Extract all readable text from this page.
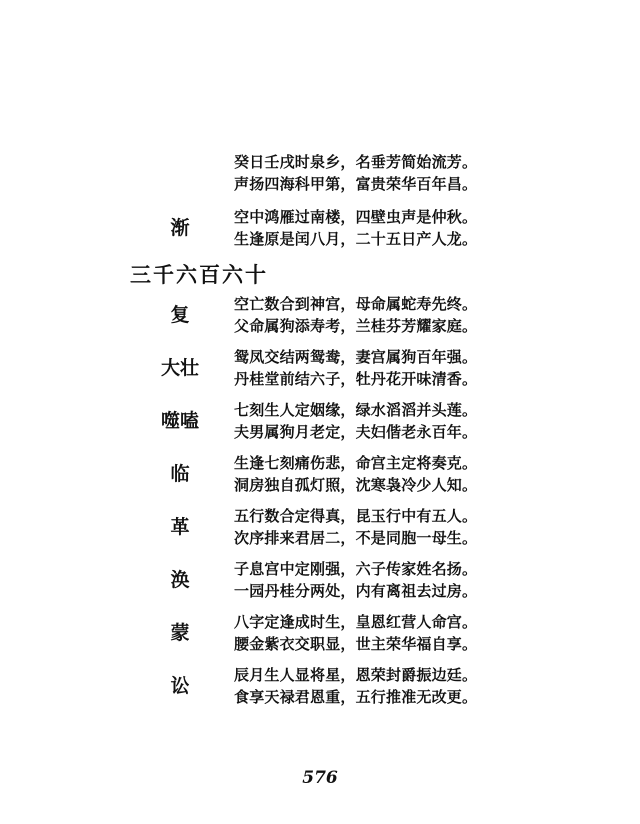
癸日壬戌时泉乡，名垂芳简始流芳。
声扬四海科甲第，富贵荣华百年昌。
渐	空中鸿雁过南楼，四壁虫声是仲秋。
生逢原是闰八月，二十五日产人龙。
三千六百六十
复	空亡数合到神宫，母命属蛇寿先终。
父命属狗添寿考，兰桂芬芳耀家庭。
大壮	鸳凤交结两鸳鸯，妻宫属狗百年强。
丹桂堂前结六子，牡丹花开味清香。
噬嗑	七刻生人定姻缘，绿水滔滔并头莲。
夫男属狗月老定，夫妇偕老永百年。
临	生逢七刻痛伤悲，命宫主定将奏克。
洞房独自孤灯照，沈寒袅冷少人知。
革	五行数合定得真，昆玉行中有五人。
次序排来君居二，不是同胞一母生。
涣	子息宫中定刚强，六子传家姓名扬。
一园丹桂分两处，内有离祖去过房。
蒙	八字定逢成时生，皇恩红营人命宫。
腰金紫衣交职显，世主荣华福自享。
讼	辰月生人显将星，恩荣封爵振边廷。
食享天禄君恩重，五行推准无改更。
576
